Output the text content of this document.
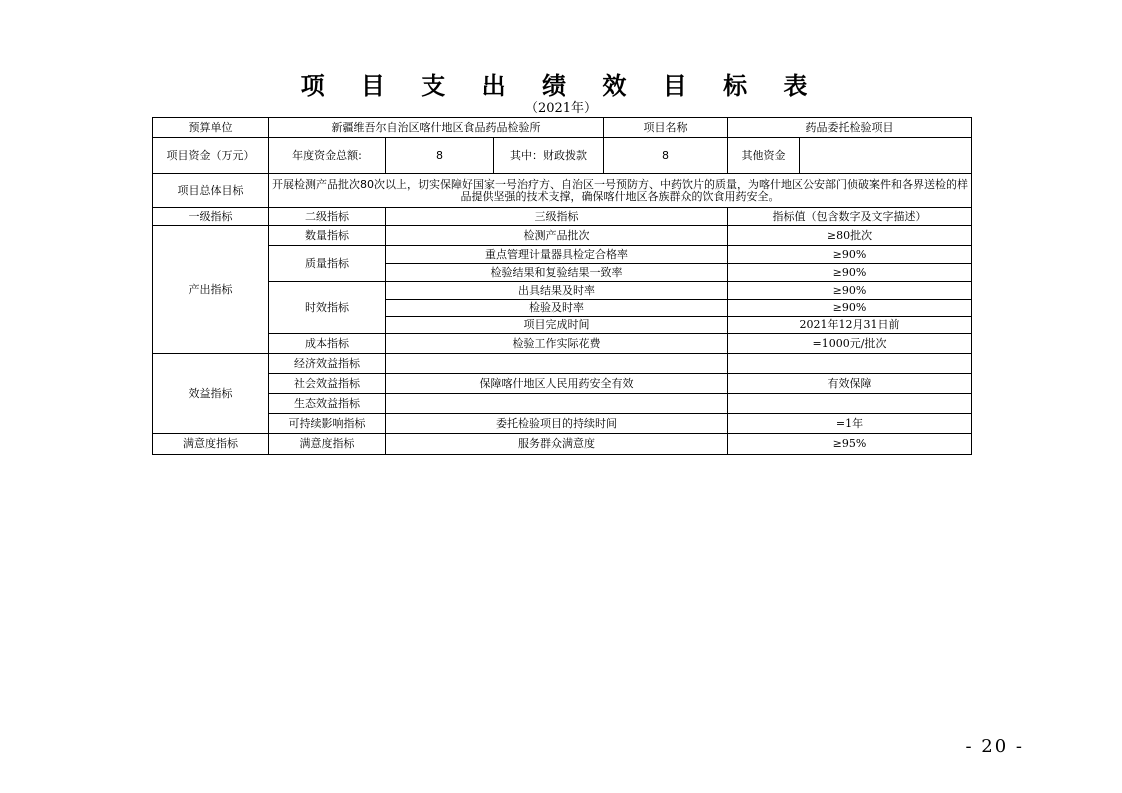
项 目 支 出 绩 效 目 标 表
（2021年）
预算单位	新疆维吾尔自治区喀什地区食品药品检验所			项目名称	药品委托检验项目	
项目资金（万元）	年度资金总额:	8	其中：财政拨款	8	其他资金	
项目总体目标	开展检测产品批次80次以上，切实保障好国家一号治疗方、自治区一号预防方、中药饮片的质量，为喀什地区公安部门侦破案件和各界送检的样品提供坚强的技术支撑，确保喀什地区各族群众的饮食用药安全。					
一级指标	二级指标	三级指标			指标值（包含数字及文字描述）	
产出指标	数量指标	检测产品批次			≥80批次	
	质量指标	重点管理计量器具检定合格率			≥90%	
		检验结果和复验结果一致率			≥90%	
	时效指标	出具结果及时率			≥90%	
		检验及时率			≥90%	
		项目完成时间			2021年12月31日前	
	成本指标	检验工作实际花费			=1000元/批次	
效益指标	经济效益指标					
	社会效益指标	保障喀什地区人民用药安全有效			有效保障	
	生态效益指标					
	可持续影响指标	委托检验项目的持续时间			=1年	
满意度指标	满意度指标	服务群众满意度			≥95%	
- 20 -
